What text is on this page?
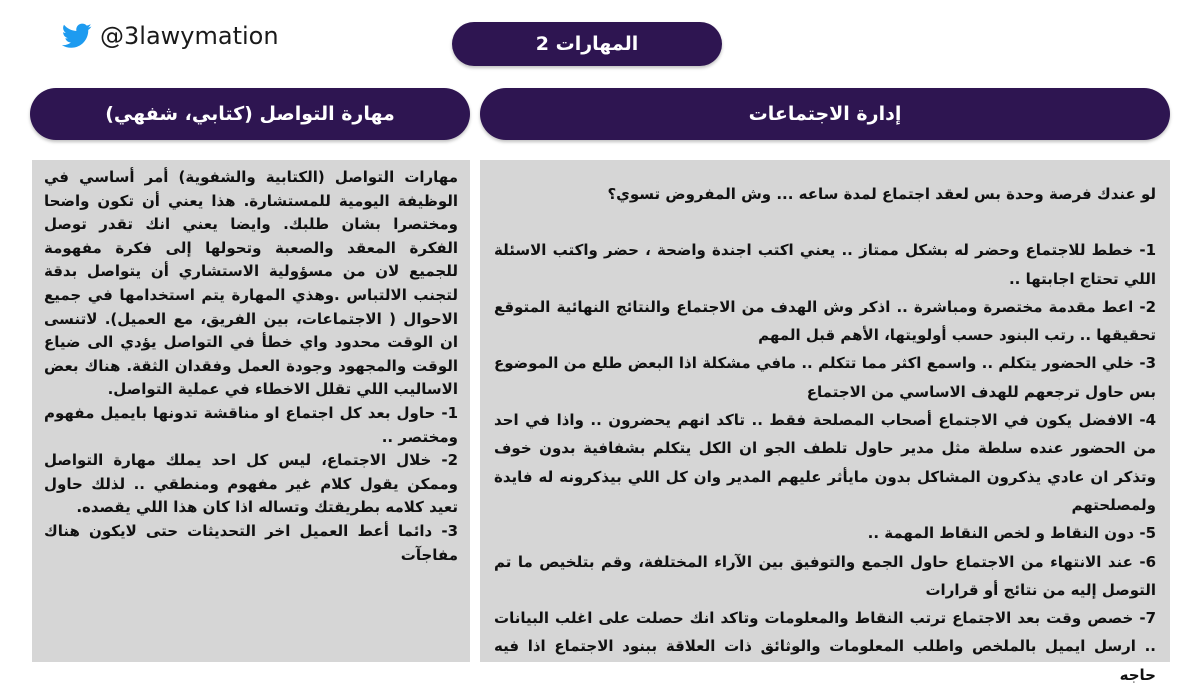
@3lawymation	المهارات 2
مهارة التواصل (كتابي، شفهي)	إدارة الاجتماعات

مهارات التواصل (الكتابية والشفوية) أمر أساسي في الوظيفة اليومية للمستشارة. هذا يعني أن تكون واضحا ومختصرا بشان طلبك. وايضا يعني انك تقدر توصل الفكرة المعقد والصعبة وتحولها إلى فكرة مفهومة للجميع لان من مسؤولية الاستشاري أن يتواصل بدقة لتجنب الالتباس .وهذي المهارة يتم استخدامها في جميع الاحوال ( الاجتماعات، بين الفريق، مع العميل). لاتنسى ان الوقت محدود واي خطأ في التواصل يؤدي الى ضياع الوقت والمجهود وجودة العمل وفقدان الثقة. هناك بعض الاساليب اللي تقلل الاخطاء في عملية التواصل.

1- حاول بعد كل اجتماع او مناقشة تدونها بايميل مفهوم ومختصر ..

2- خلال الاجتماع، ليس كل احد يملك مهارة التواصل وممكن يقول كلام غير مفهوم ومنطقي .. لذلك حاول تعيد كلامه بطريقتك وتساله اذا كان هذا اللي يقصده.

3- دائما أعط العميل اخر التحديثات حتى لايكون هناك مفاجآت

لو عندك فرصة وحدة بس لعقد اجتماع لمدة ساعه ... وش المفروض تسوي؟

1- خطط للاجتماع وحضر له بشكل ممتاز .. يعني اكتب اجندة واضحة ، حضر واكتب الاسئلة اللي تحتاج اجابتها ..

2- اعط مقدمة مختصرة ومباشرة .. اذكر وش الهدف من الاجتماع والنتائج النهائية المتوقع تحقيقها .. رتب البنود حسب أولويتها، الأهم قبل المهم

3- خلي الحضور يتكلم .. واسمع اكثر مما تتكلم .. مافي مشكلة اذا البعض طلع من الموضوع بس حاول ترجعهم للهدف الاساسي من الاجتماع

4- الافضل يكون في الاجتماع أصحاب المصلحة فقط .. تاكد انهم يحضرون .. واذا في احد من الحضور عنده سلطة مثل مدير حاول تلطف الجو ان الكل يتكلم بشفافية بدون خوف وتذكر ان عادي يذكرون المشاكل بدون مايأثر عليهم المدير وان كل اللي بيذكرونه له فايدة ولمصلحتهم

5- دون النقاط و لخص النقاط المهمة ..

6- عند الانتهاء من الاجتماع حاول الجمع والتوفيق بين الآراء المختلفة، وقم بتلخيص ما تم التوصل إليه من نتائج أو قرارات

7- خصص وقت بعد الاجتماع ترتب النقاط والمعلومات وتاكد انك حصلت على اغلب البيانات .. ارسل ايميل بالملخص واطلب المعلومات والوثائق ذات العلاقة ببنود الاجتماع اذا فيه حاجه
